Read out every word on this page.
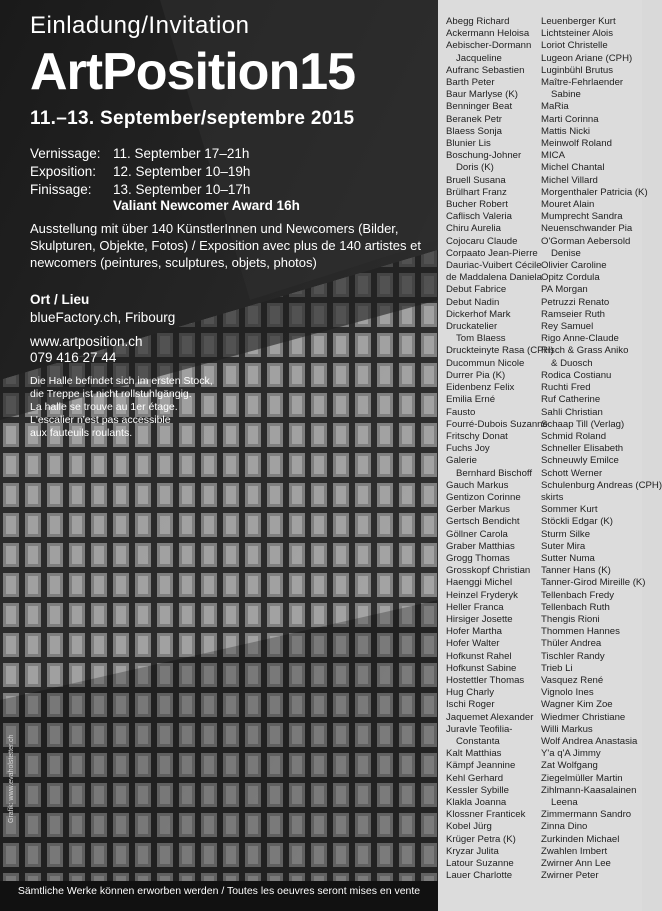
Einladung/Invitation
ArtPosition15
11.–13. September/septembre 2015
Vernissage: 11. September 17–21h
Exposition: 12. September 10–19h
Finissage: 13. September 10–17h
Valiant Newcomer Award 16h
Ausstellung mit über 140 KünstlerInnen und Newcomers (Bilder, Skulpturen, Objekte, Fotos) / Exposition avec plus de 140 artistes et newcomers (peintures, sculptures, objets, photos)
Ort / Lieu
blueFactory.ch, Fribourg
www.artposition.ch
079 416 27 44
Die Halle befindet sich im ersten Stock,
die Treppe ist nicht rollstuhlgängig.
La halle se trouve au 1er étage.
L'escalier n'est pas accessible
aux fauteuils roulants.
Grafik: www.evaholstetter.ch
Sämtliche Werke können erworben werden / Toutes les oeuvres seront mises en vente
Abegg Richard
Ackermann Heloisa
Aebischer-Dormann
Jacqueline
Aufranc Sebastien
Barth Peter
Baur Marlyse (K)
Benninger Beat
Beranek Petr
Blaess Sonja
Blunier Lis
Boschung-Johner
Doris (K)
Bruell Susana
Brülhart Franz
Bucher Robert
Caflisch Valeria
Chiru Aurelia
Cojocaru Claude
Corpaato Jean-Pierre
Dauriac-Vuibert Cécile
de Maddalena Daniela
Debut Fabrice
Debut Nadin
Dickerhof Mark
Druckatelier
Tom Blaess
Druckteinyte Rasa (CPH)
Ducommun Nicole
Durrer Pia (K)
Eidenbenz Felix
Emilia Erné
Fausto
Fourré-Dubois Suzanne
Fritschy Donat
Fuchs Joy
Galerie
Bernhard Bischoff
Gauch Markus
Gentizon Corinne
Gerber Markus
Gertsch Bendicht
Göllner Carola
Graber Matthias
Grogg Thomas
Grosskopf Christian
Haenggi Michel
Heinzel Fryderyk
Heller Franca
Hirsiger Josette
Hofer Martha
Hofer Walter
Hofkunst Rahel
Hofkunst Sabine
Hostettler Thomas
Hug Charly
Ischi Roger
Jaquemet Alexander
Juravle Teofilia-
Constanta
Kalt Matthias
Kämpf Jeannine
Kehl Gerhard
Kessler Sybille
Klakla Joanna
Klossner Franticek
Kobel Jürg
Krüger Petra (K)
Kryzar Julita
Latour Suzanne
Lauer Charlotte
Leuenberger Kurt
Lichtsteiner Alois
Loriot Christelle
Lugeon Ariane (CPH)
Luginbühl Brutus
Maître-Fehrlaender
Sabine
MaRia
Marti Corinna
Mattis Nicki
Meinwolf Roland
MICA
Michel Chantal
Michel Villard
Morgenthaler Patricia (K)
Mouret Alain
Mumprecht Sandra
Neuenschwander Pia
O'Gorman Aebersold
Denise
Olivier Caroline
Opitz Cordula
PA Morgan
Petruzzi Renato
Ramseier Ruth
Rey Samuel
Rigo Anne-Claude
Risch & Grass Aniko
& Duosch
Rodica Costianu
Ruchti Fred
Ruf Catherine
Sahli Christian
Schaap Till (Verlag)
Schmid Roland
Schneller Elisabeth
Schneuwly Emilce
Schott Werner
Schulenburg Andreas (CPH)
skirts
Sommer Kurt
Stöckli Edgar (K)
Sturm Silke
Suter Mira
Sutter Numa
Tanner Hans (K)
Tanner-Girod Mireille (K)
Tellenbach Fredy
Tellenbach Ruth
Thengis Rioni
Thommen Hannes
Thüler Andrea
Tischler Randy
Trieb Li
Vasquez René
Vignolo Ines
Wagner Kim Zoe
Wiedmer Christiane
Willi Markus
Wolf Andrea Anastasia
Y'a q'A Jimmy
Zat Wolfgang
Ziegelmüller Martin
Zihlmann-Kaasalainen
Leena
Zimmermann Sandro
Zinna Dino
Zurkinden Michael
Zwahlen Imbert
Zwirner Ann Lee
Zwirner Peter
